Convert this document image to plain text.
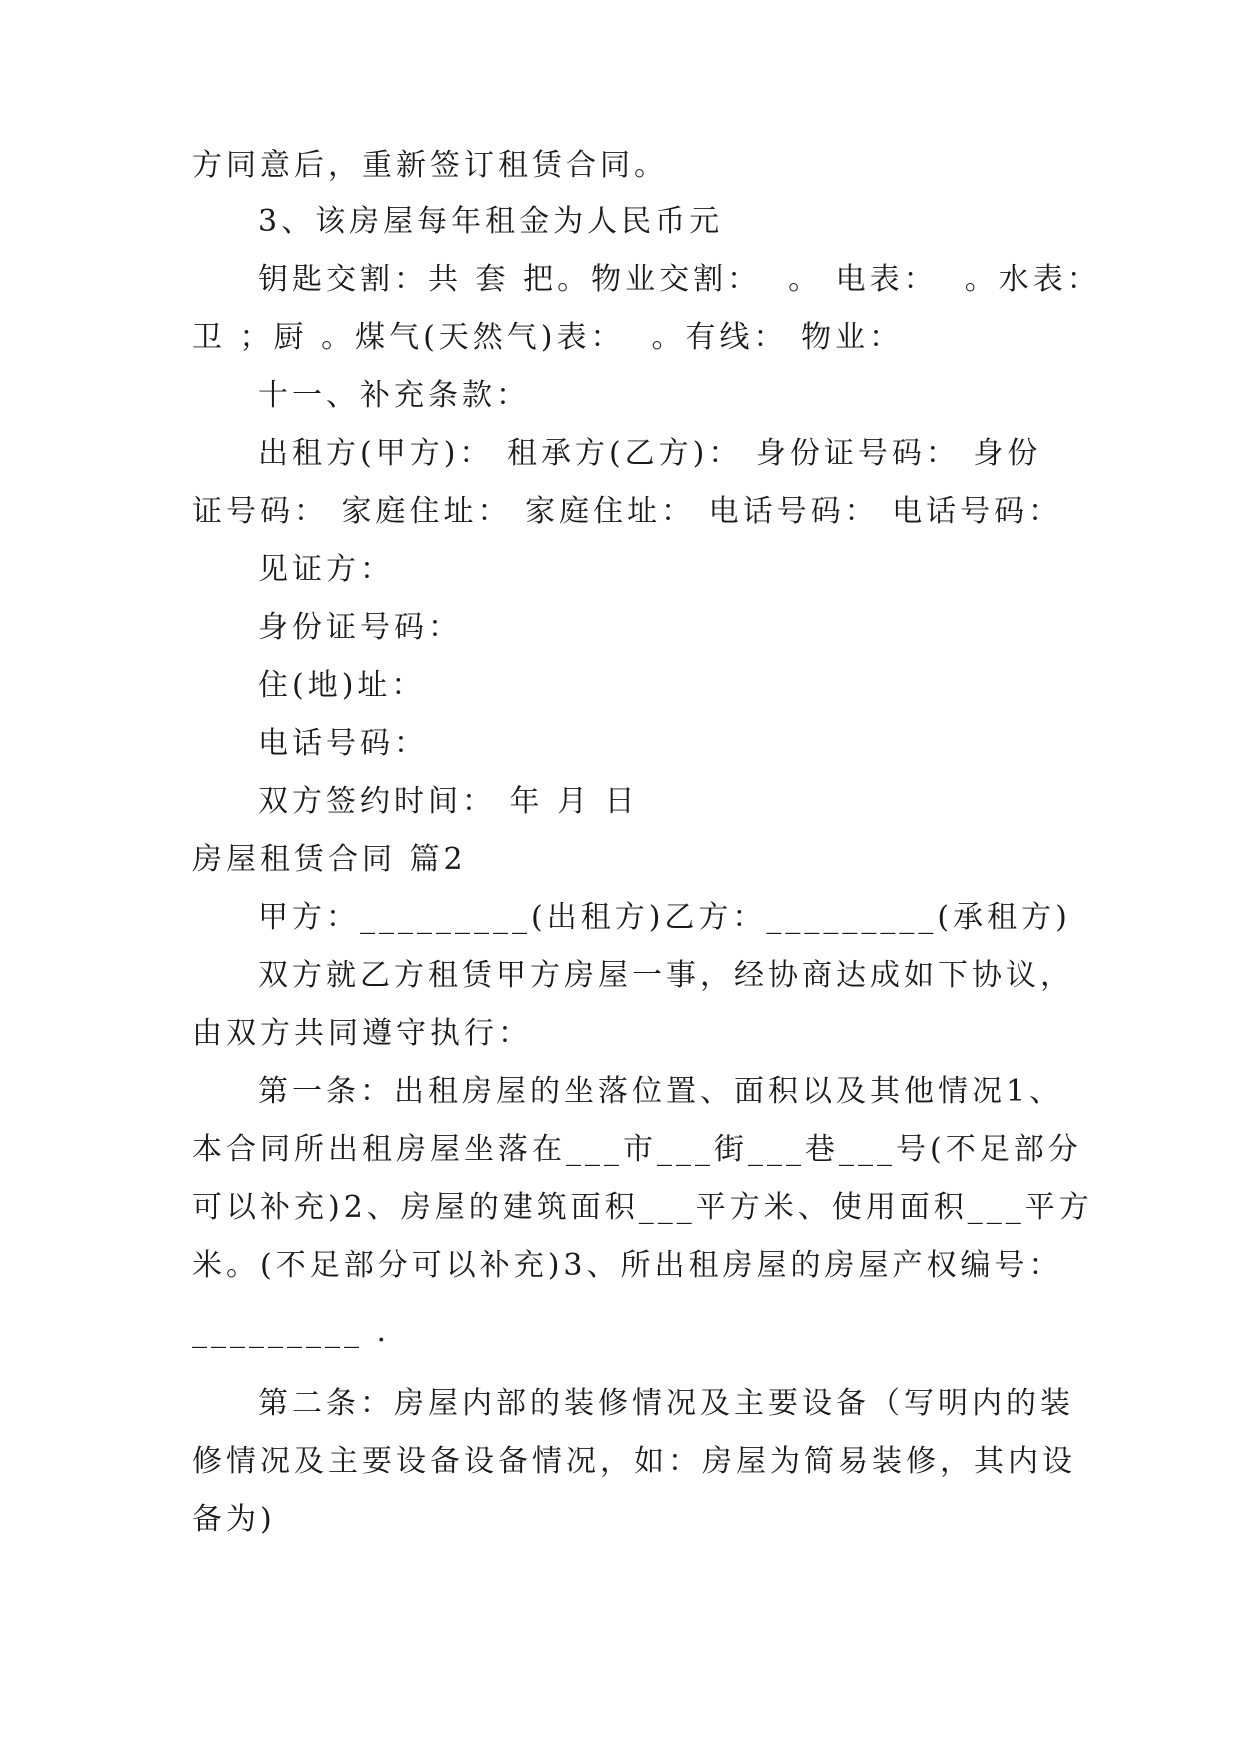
方同意后，重新签订租赁合同。
3、该房屋每年租金为人民币元
钥匙交割：共 套 把。物业交割：  。 电表：  。水表：
卫 ；厨 。煤气(天然气)表：  。有线： 物业：
十一、补充条款：
出租方(甲方)： 租承方(乙方)： 身份证号码： 身份
证号码： 家庭住址： 家庭住址： 电话号码： 电话号码：
见证方：
身份证号码：
住(地)址：
电话号码：
双方签约时间： 年 月 日
房屋租赁合同 篇2
甲方：_________(出租方)乙方：_________(承租方)
双方就乙方租赁甲方房屋一事，经协商达成如下协议，
由双方共同遵守执行：
第一条：出租房屋的坐落位置、面积以及其他情况1、
本合同所出租房屋坐落在___市___街___巷___号(不足部分
可以补充)2、房屋的建筑面积___平方米、使用面积___平方
米。(不足部分可以补充)3、所出租房屋的房屋产权编号：
_________ .
第二条：房屋内部的装修情况及主要设备（写明内的装
修情况及主要设备设备情况，如：房屋为简易装修，其内设
备为)
